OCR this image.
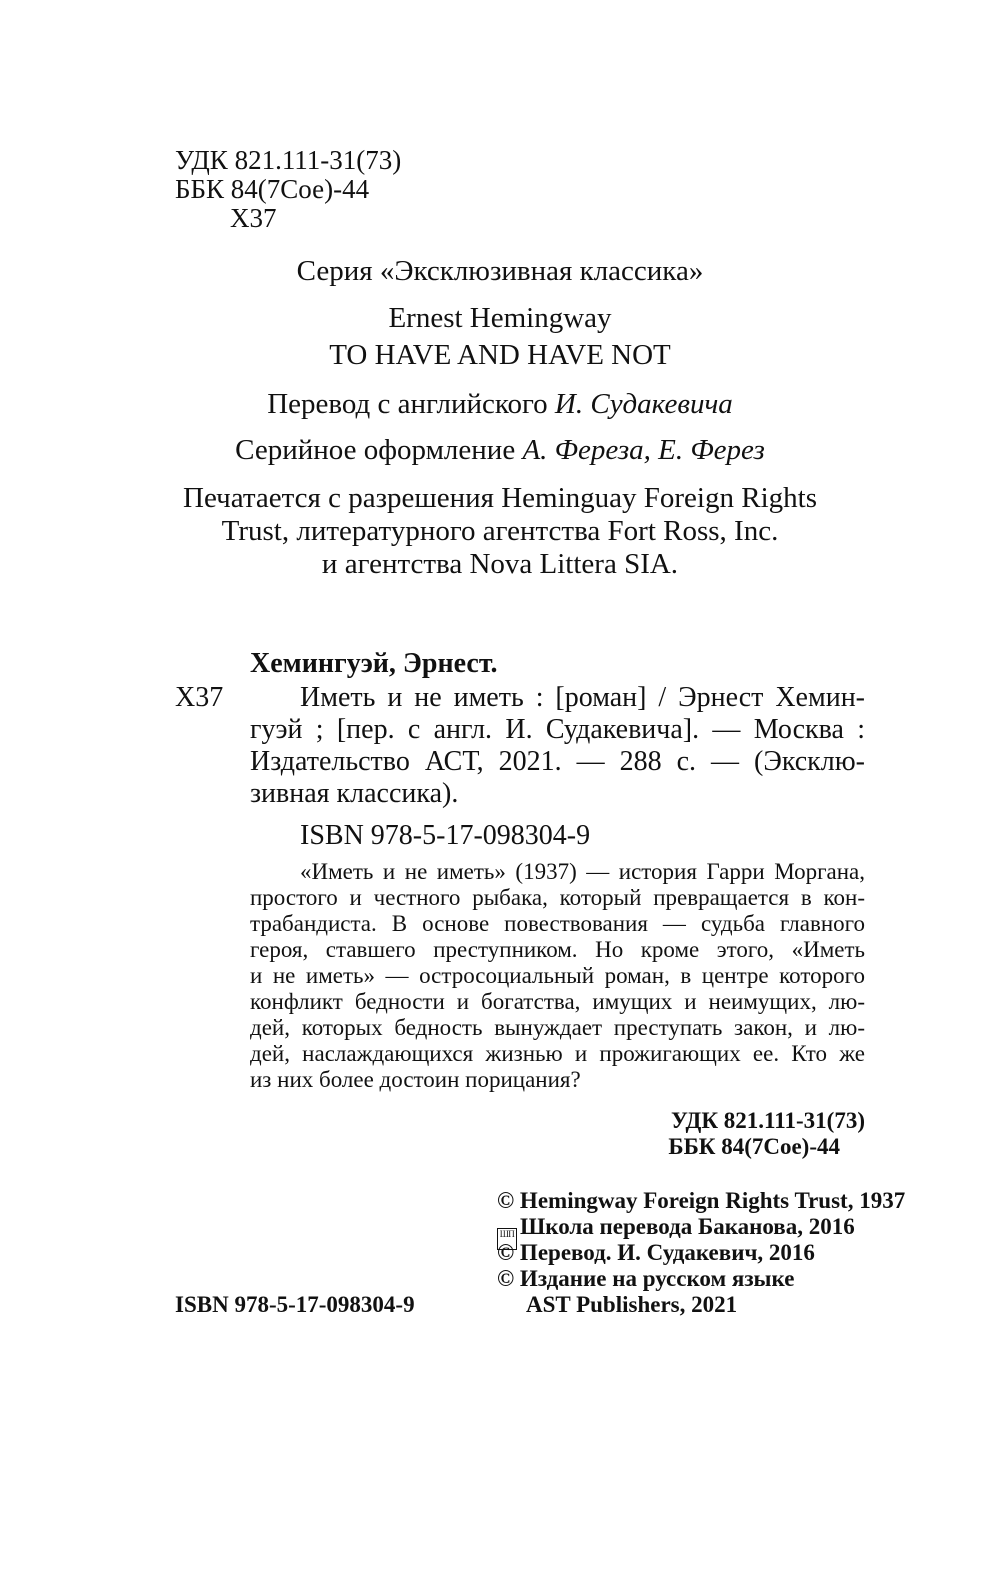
УДК 821.111-31(73)
ББК 84(7Сое)-44
Х37
Серия «Эксклюзивная классика»
Ernest Hemingway
TO HAVE AND HAVE NOT
Перевод с английского И. Судакевича
Серийное оформление А. Фереза, Е. Ферез
Печатается с разрешения Heminguay Foreign Rights
Trust, литературного агентства Fort Ross, Inc.
и агентства Nova Littera SIA.
Хемингуэй, Эрнест.
Х37	Иметь и не иметь : [роман] / Эрнест Хемин-
гуэй ; [пер. с англ. И. Судакевича]. — Москва :
Издательство АСТ, 2021. — 288 с. — (Эксклю-
зивная классика).
ISBN 978-5-17-098304-9
«Иметь и не иметь» (1937) — история Гарри Моргана,
простого и честного рыбака, который превращается в кон-
трабандиста. В основе повествования — судьба главного
героя, ставшего преступником. Но кроме этого, «Иметь
и не иметь» — остросоциальный роман, в центре которого
конфликт бедности и богатства, имущих и неимущих, лю-
дей, которых бедность вынуждает преступать закон, и лю-
дей, наслаждающихся жизнью и прожигающих ее. Кто же
из них более достоин порицания?
УДК 821.111-31(73)
ББК 84(7Сое)-44
© Hemingway Foreign Rights Trust, 1937
ШП Школа перевода Баканова, 2016
© Перевод. И. Судакевич, 2016
© Издание на русском языке
AST Publishers, 2021
ISBN 978-5-17-098304-9
